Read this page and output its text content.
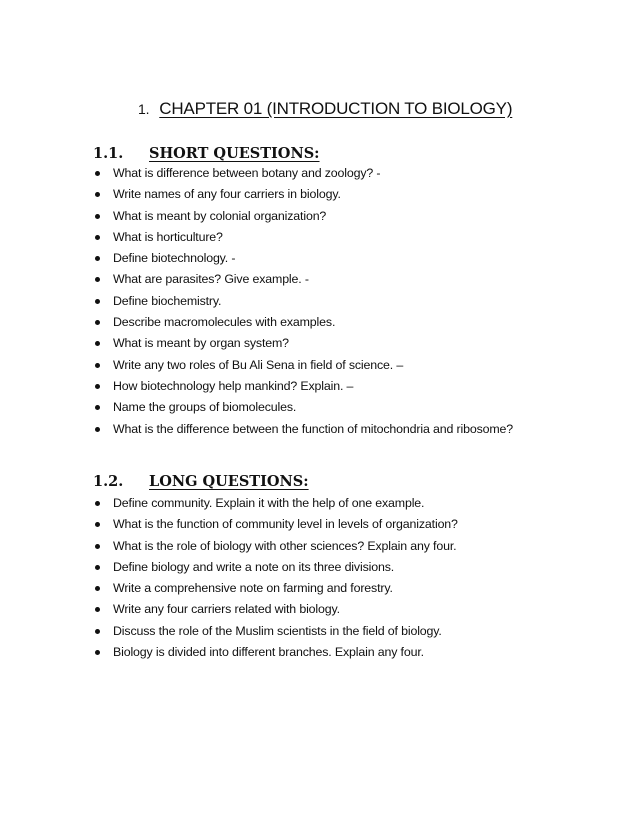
1. CHAPTER 01 (INTRODUCTION TO BIOLOGY)
1.1. SHORT QUESTIONS:
What is difference between botany and zoology? -
Write names of any four carriers in biology.
What is meant by colonial organization?
What is horticulture?
Define biotechnology. -
What are parasites? Give example. -
Define biochemistry.
Describe macromolecules with examples.
What is meant by organ system?
Write any two roles of Bu Ali Sena in field of science. –
How biotechnology help mankind? Explain. –
Name the groups of biomolecules.
What is the difference between the function of mitochondria and ribosome?
1.2. LONG QUESTIONS:
Define community. Explain it with the help of one example.
What is the function of community level in levels of organization?
What is the role of biology with other sciences? Explain any four.
Define biology and write a note on its three divisions.
Write a comprehensive note on farming and forestry.
Write any four carriers related with biology.
Discuss the role of the Muslim scientists in the field of biology.
Biology is divided into different branches. Explain any four.
